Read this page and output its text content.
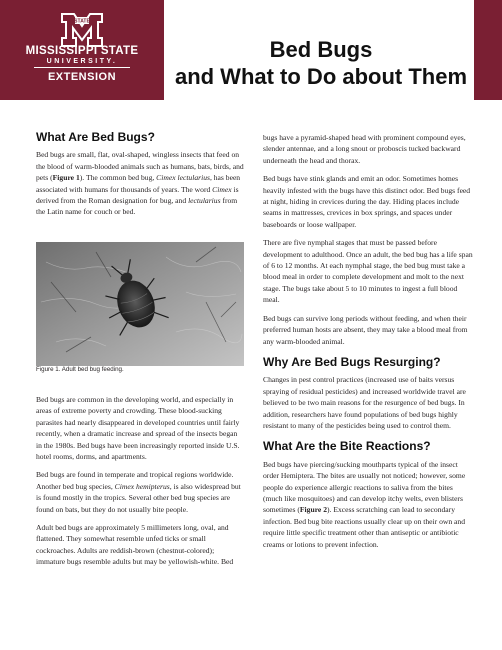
STATE
MISSISSIPPI STATE
UNIVERSITY.
EXTENSION
Bed Bugs
and What to Do about Them
What Are Bed Bugs?

Bed bugs are small, flat, oval-shaped, wingless insects that feed on the blood of warm-blooded animals such as humans, bats, birds, and pets (Figure 1). The common bed bug, Cimex lectularius, has been associated with humans for thousands of years. The word Cimex is derived from the Roman designation for bug, and lectularius from the Latin name for couch or bed.

Figure 1. Adult bed bug feeding.

Bed bugs are common in the developing world, and especially in areas of extreme poverty and crowding. These blood-sucking parasites had nearly disappeared in developed countries until fairly recently, when a dramatic increase and spread of the insects began in the 1980s. Bed bugs have been increasingly reported inside U.S. hotel rooms, dorms, and apartments.

Bed bugs are found in temperate and tropical regions worldwide. Another bed bug species, Cimex hemipterus, is also widespread but is found mostly in the tropics. Several other bed bug species are found on bats, but they do not usually bite people.

Adult bed bugs are approximately 5 millimeters long, oval, and flattened. They somewhat resemble unfed ticks or small cockroaches. Adults are reddish-brown (chestnut-colored); immature bugs resemble adults but may be yellowish-white. Bed

bugs have a pyramid-shaped head with prominent compound eyes, slender antennae, and a long snout or proboscis tucked backward underneath the head and thorax.

Bed bugs have stink glands and emit an odor. Sometimes homes heavily infested with the bugs have this distinct odor. Bed bugs feed at night, hiding in crevices during the day. Hiding places include seams in mattresses, crevices in box springs, and spaces under baseboards or loose wallpaper.

There are five nymphal stages that must be passed before development to adulthood. Once an adult, the bed bug has a life span of 6 to 12 months. At each nymphal stage, the bed bug must take a blood meal in order to complete development and molt to the next stage. The bugs take about 5 to 10 minutes to ingest a full blood meal.

Bed bugs can survive long periods without feeding, and when their preferred human hosts are absent, they may take a blood meal from any warm-blooded animal.

Why Are Bed Bugs Resurging?

Changes in pest control practices (increased use of baits versus spraying of residual pesticides) and increased worldwide travel are believed to be two main reasons for the resurgence of bed bugs. In addition, researchers have found populations of bed bugs highly resistant to many of the pesticides being used to control them.

What Are the Bite Reactions?

Bed bugs have piercing/sucking mouthparts typical of the insect order Hemiptera. The bites are usually not noticed; however, some people do experience allergic reactions to saliva from the bites (much like mosquitoes) and can develop itchy welts, even blisters sometimes (Figure 2). Excess scratching can lead to secondary infection. Bed bug bite reactions usually clear up on their own and require little specific treatment other than antiseptic or antibiotic creams or lotions to prevent infection.
